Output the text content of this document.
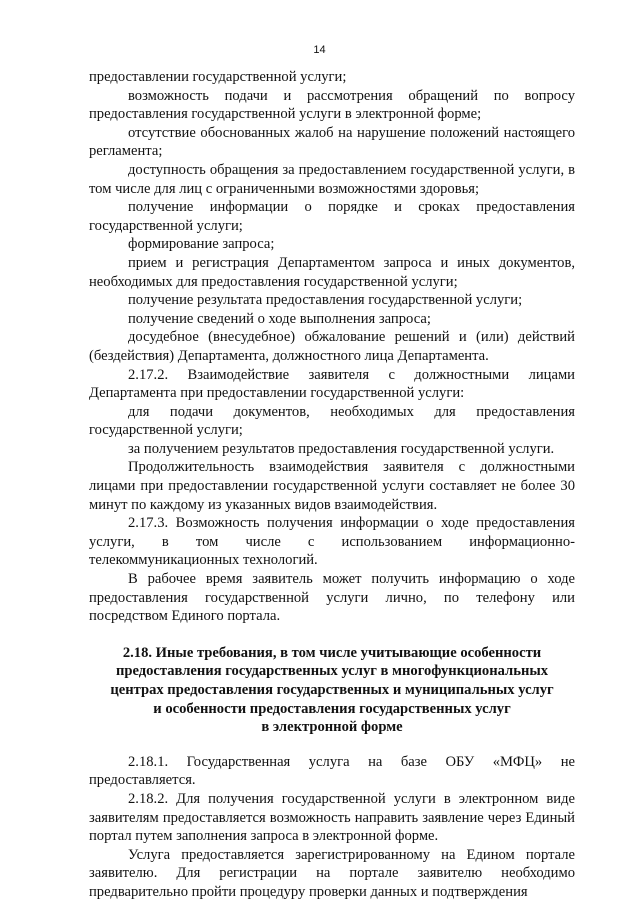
14

предоставлении государственной услуги;

возможность подачи и рассмотрения обращений по вопросу предоставления государственной услуги в электронной форме;

отсутствие обоснованных жалоб на нарушение положений настоящего регламента;

доступность обращения за предоставлением государственной услуги, в том числе для лиц с ограниченными возможностями здоровья;

получение информации о порядке и сроках предоставления государственной услуги;

формирование запроса;

прием и регистрация Департаментом запроса и иных документов, необходимых для предоставления государственной услуги;

получение результата предоставления государственной услуги;

получение сведений о ходе выполнения запроса;

досудебное (внесудебное) обжалование решений и (или) действий (бездействия) Департамента, должностного лица Департамента.

2.17.2. Взаимодействие заявителя с должностными лицами Департамента при предоставлении государственной услуги:

для подачи документов, необходимых для предоставления государственной услуги;

за получением результатов предоставления государственной услуги.

Продолжительность взаимодействия заявителя с должностными лицами при предоставлении государственной услуги составляет не более 30 минут по каждому из указанных видов взаимодействия.

2.17.3. Возможность получения информации о ходе предоставления услуги, в том числе с использованием информационно-телекоммуникационных технологий.

В рабочее время заявитель может получить информацию о ходе предоставления государственной услуги лично, по телефону или посредством Единого портала.

2.18. Иные требования, в том числе учитывающие особенности
предоставления государственных услуг в многофункциональных
центрах предоставления государственных и муниципальных услуг
и особенности предоставления государственных услуг
в электронной форме

2.18.1. Государственная услуга на базе ОБУ «МФЦ» не предоставляется.

2.18.2. Для получения государственной услуги в электронном виде заявителям предоставляется возможность направить заявление через Единый портал путем заполнения запроса в электронной форме.

Услуга предоставляется зарегистрированному на Едином портале заявителю. Для регистрации на портале заявителю необходимо предварительно пройти процедуру проверки данных и подтверждения
